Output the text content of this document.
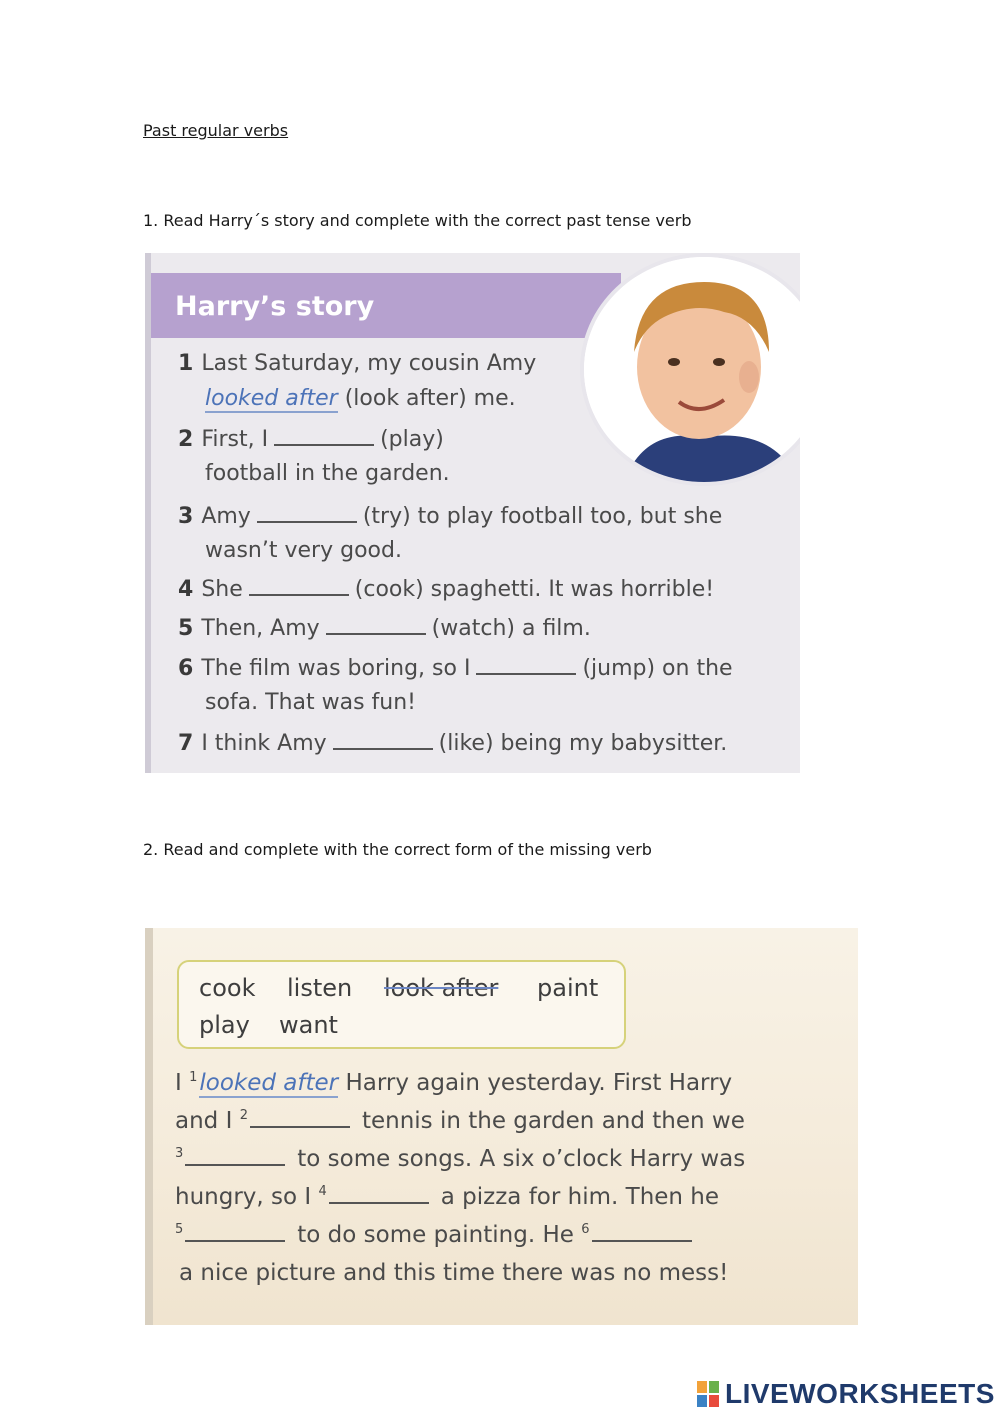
Past regular verbs
1. Read Harry´s story and complete with the correct past tense verb
Harry’s story
1 Last Saturday, my cousin Amy
looked after (look after) me.
2 First, I	(play)
football in the garden.
3 Amy	(try) to play football too, but she
wasn’t very good.
4 She	(cook) spaghetti. It was horrible!
5 Then, Amy	(watch) a film.
6 The film was boring, so I	(jump) on the
sofa. That was fun!
7 I think Amy	(like) being my babysitter.
2. Read and complete with the correct form of the missing verb
cook listen look after paint
play want
I $^1$looked after Harry again yesterday. First Harry
and I $^2$	tennis in the garden and then we
$^3$	to some songs. A six o’clock Harry was
hungry, so I $^4$	a pizza for him. Then he
$^5$	to do some painting. He $^6$
a nice picture and this time there was no mess!
LIVEWORKSHEETS
